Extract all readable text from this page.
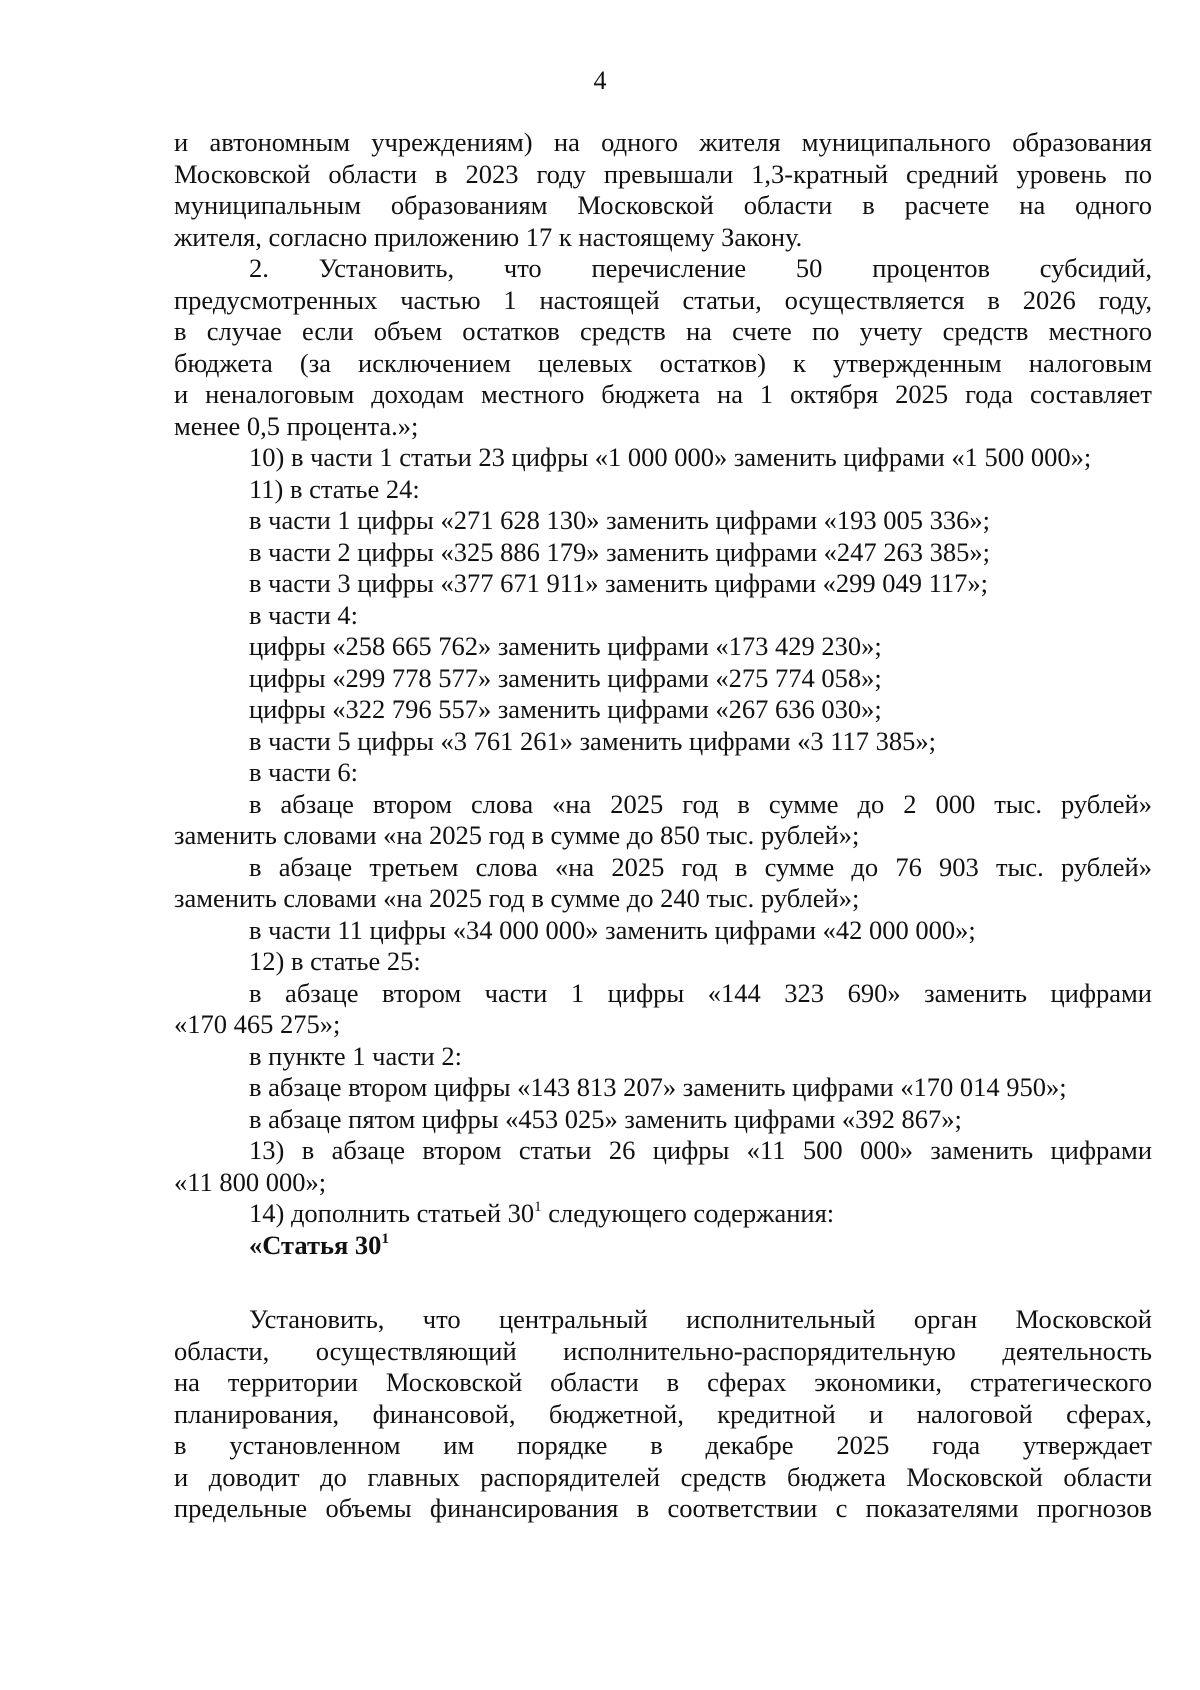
4
и автономным учреждениям) на одного жителя муниципального образования
Московской области в 2023 году превышали 1,3-кратный средний уровень по
муниципальным образованиям Московской области в расчете на одного
жителя, согласно приложению 17 к настоящему Закону.
2. Установить, что перечисление 50 процентов субсидий,
предусмотренных частью 1 настоящей статьи, осуществляется в 2026 году,
в случае если объем остатков средств на счете по учету средств местного
бюджета (за исключением целевых остатков) к утвержденным налоговым
и неналоговым доходам местного бюджета на 1 октября 2025 года составляет
менее 0,5 процента.»;
10) в части 1 статьи 23 цифры «1 000 000» заменить цифрами «1 500 000»;
11) в статье 24:
в части 1 цифры «271 628 130» заменить цифрами «193 005 336»;
в части 2 цифры «325 886 179» заменить цифрами «247 263 385»;
в части 3 цифры «377 671 911» заменить цифрами «299 049 117»;
в части 4:
цифры «258 665 762» заменить цифрами «173 429 230»;
цифры «299 778 577» заменить цифрами «275 774 058»;
цифры «322 796 557» заменить цифрами «267 636 030»;
в части 5 цифры «3 761 261» заменить цифрами «3 117 385»;
в части 6:
в абзаце втором слова «на 2025 год в сумме до 2 000 тыс. рублей»
заменить словами «на 2025 год в сумме до 850 тыс. рублей»;
в абзаце третьем слова «на 2025 год в сумме до 76 903 тыс. рублей»
заменить словами «на 2025 год в сумме до 240 тыс. рублей»;
в части 11 цифры «34 000 000» заменить цифрами «42 000 000»;
12) в статье 25:
в абзаце втором части 1 цифры «144 323 690» заменить цифрами
«170 465 275»;
в пункте 1 части 2:
в абзаце втором цифры «143 813 207» заменить цифрами «170 014 950»;
в абзаце пятом цифры «453 025» заменить цифрами «392 867»;
13) в абзаце втором статьи 26 цифры «11 500 000» заменить цифрами
«11 800 000»;
14) дополнить статьей $30^1$ следующего содержания:
«Статья $30^1$
Установить, что центральный исполнительный орган Московской
области, осуществляющий исполнительно-распорядительную деятельность
на территории Московской области в сферах экономики, стратегического
планирования, финансовой, бюджетной, кредитной и налоговой сферах,
в установленном им порядке в декабре 2025 года утверждает
и доводит до главных распорядителей средств бюджета Московской области
предельные объемы финансирования в соответствии с показателями прогнозов
